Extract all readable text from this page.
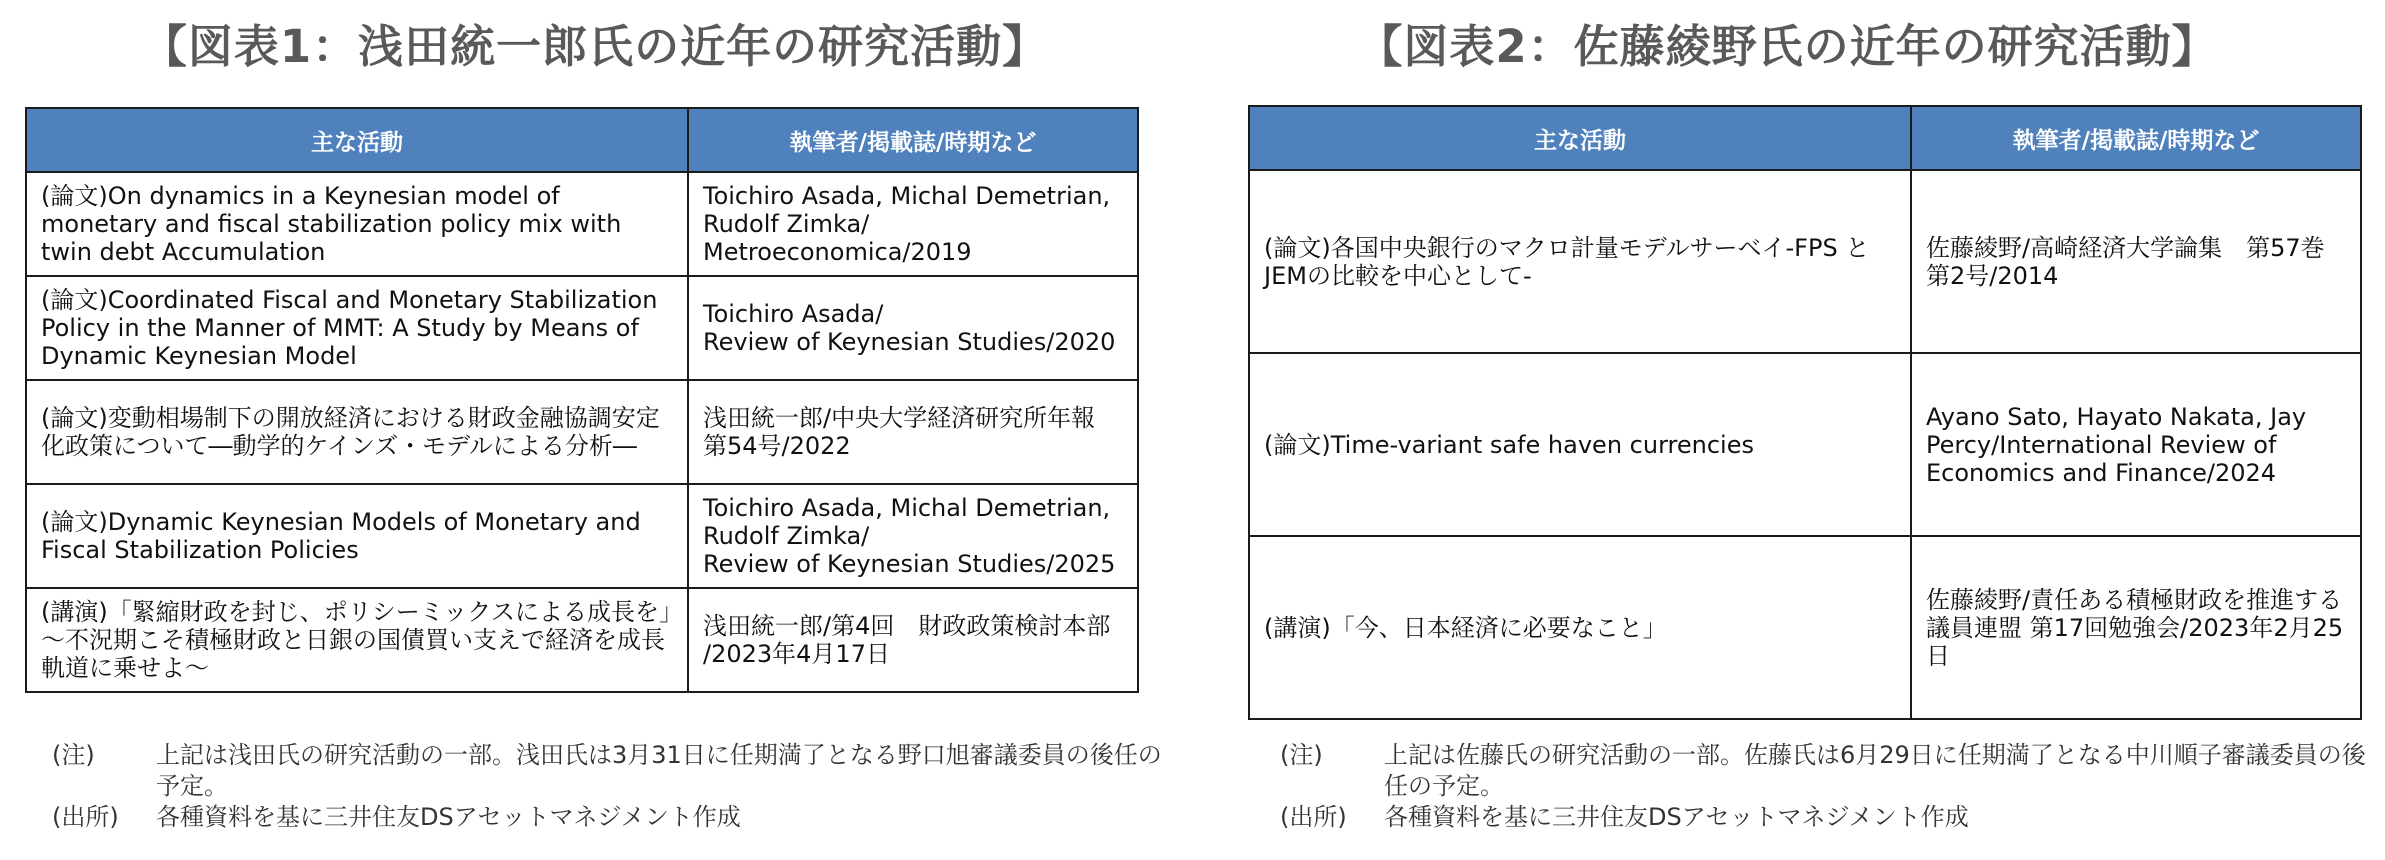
【図表1：浅田統一郎氏の近年の研究活動】
主な活動	執筆者/掲載誌/時期など
(論文)On dynamics in a Keynesian model of monetary and fiscal stabilization policy mix with twin debt Accumulation	Toichiro Asada, Michal Demetrian, Rudolf Zimka/
Metroeconomica/2019
(論文)Coordinated Fiscal and Monetary Stabilization Policy in the Manner of MMT: A Study by Means of Dynamic Keynesian Model	Toichiro Asada/
Review of Keynesian Studies/2020
(論文)変動相場制下の開放経済における財政金融協調安定化政策について―動学的ケインズ・モデルによる分析―	浅田統一郎/中央大学経済研究所年報
第54号/2022
(論文)Dynamic Keynesian Models of Monetary and Fiscal Stabilization Policies	Toichiro Asada, Michal Demetrian, Rudolf Zimka/
Review of Keynesian Studies/2025
(講演)「緊縮財政を封じ、ポリシーミックスによる成長を」～不況期こそ積極財政と日銀の国債買い支えで経済を成長軌道に乗せよ～	浅田統一郎/第4回　財政政策検討本部
/2023年4月17日
(注)	上記は浅田氏の研究活動の一部。浅田氏は3月31日に任期満了となる野口旭審議委員の後任の予定。
(出所)	各種資料を基に三井住友DSアセットマネジメント作成
【図表2：佐藤綾野氏の近年の研究活動】
主な活動	執筆者/掲載誌/時期など
(論文)各国中央銀行のマクロ計量モデルサーベイ-FPS とJEMの比較を中心として-	佐藤綾野/高崎経済大学論集　第57巻第2号/2014
(論文)Time-variant safe haven currencies	Ayano Sato, Hayato Nakata, Jay Percy/International Review of Economics and Finance/2024
(講演)「今、日本経済に必要なこと」	佐藤綾野/責任ある積極財政を推進する議員連盟 第17回勉強会/2023年2月25日
(注)	上記は佐藤氏の研究活動の一部。佐藤氏は6月29日に任期満了となる中川順子審議委員の後任の予定。
(出所)	各種資料を基に三井住友DSアセットマネジメント作成
